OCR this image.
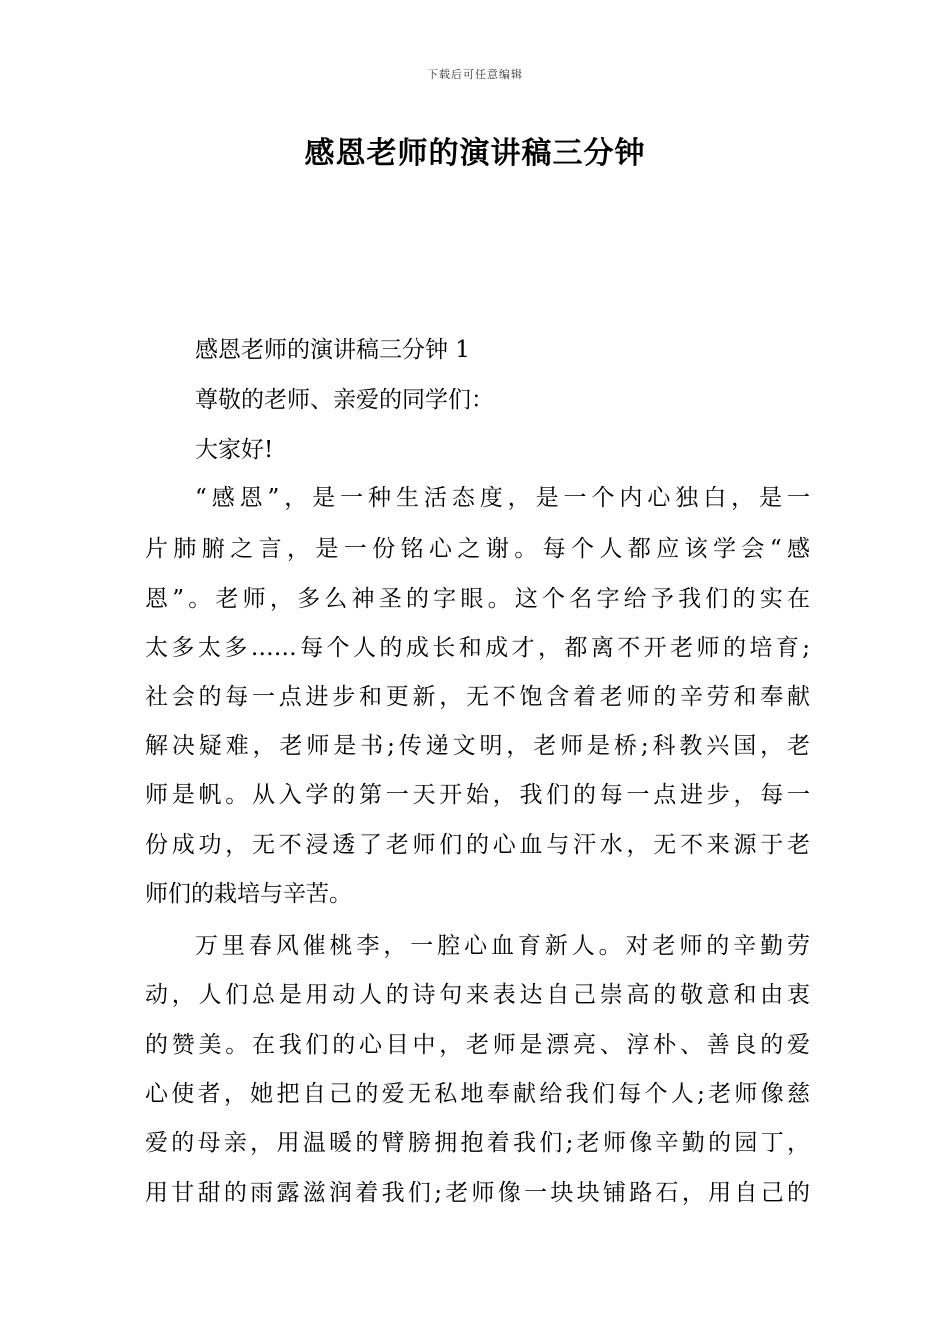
下载后可任意编辑
感恩老师的演讲稿三分钟
感恩老师的演讲稿三分钟 1
尊敬的老师、亲爱的同学们：
大家好!
“感恩”，是一种生活态度，是一个内心独白，是一
片肺腑之言，是一份铭心之谢。每个人都应该学会“感
恩”。老师，多么神圣的字眼。这个名字给予我们的实在
太多太多……每个人的成长和成才，都离不开老师的培育;
社会的每一点进步和更新，无不饱含着老师的辛劳和奉献
解决疑难，老师是书;传递文明，老师是桥;科教兴国，老
师是帆。从入学的第一天开始，我们的每一点进步，每一
份成功，无不浸透了老师们的心血与汗水，无不来源于老
师们的栽培与辛苦。
万里春风催桃李，一腔心血育新人。对老师的辛勤劳
动，人们总是用动人的诗句来表达自己崇高的敬意和由衷
的赞美。在我们的心目中，老师是漂亮、淳朴、善良的爱
心使者，她把自己的爱无私地奉献给我们每个人;老师像慈
爱的母亲，用温暖的臂膀拥抱着我们;老师像辛勤的园丁，
用甘甜的雨露滋润着我们;老师像一块块铺路石，用自己的
